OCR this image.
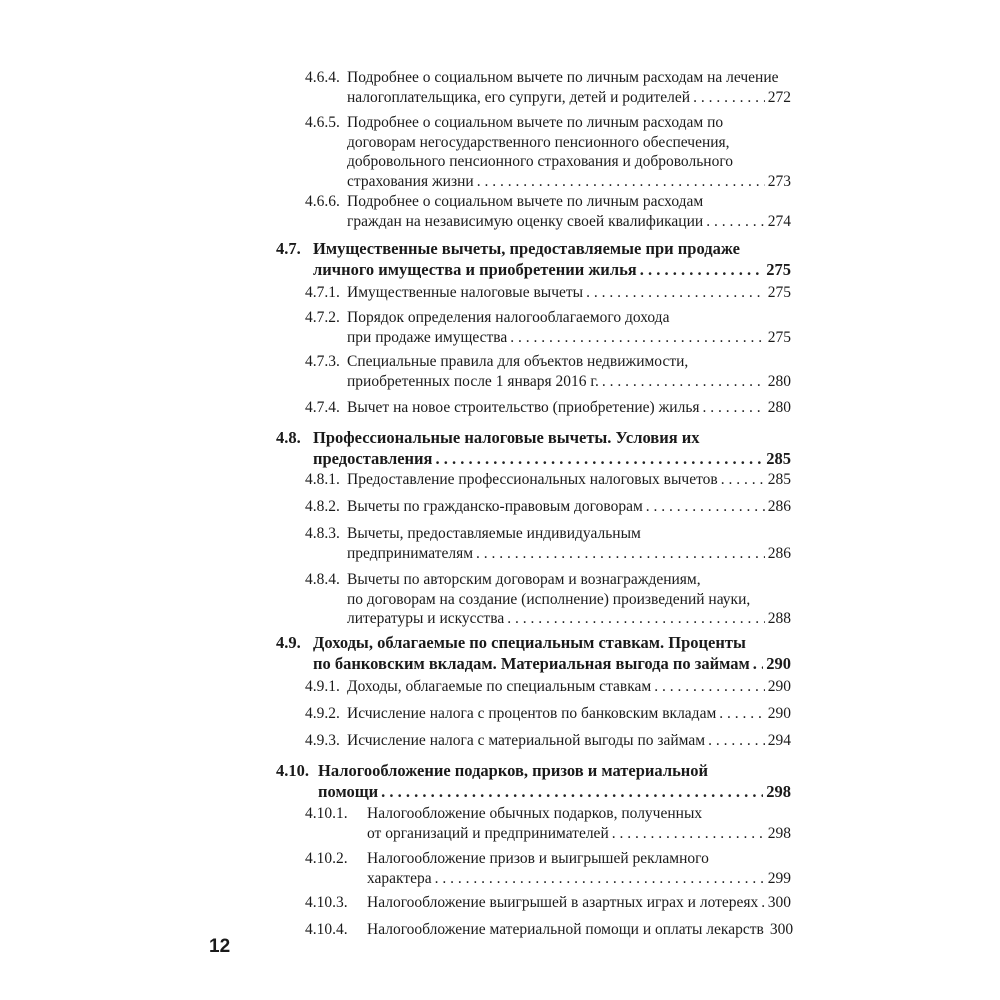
4.6.4. Подробнее о социальном вычете по личным расходам на лечение
налогоплательщика, его супруги, детей и родителей . . .	272
4.6.5. Подробнее о социальном вычете по личным расходам по
договорам негосударственного пенсионного обеспечения,
добровольного пенсионного страхования и добровольного
страхования жизни . . .	273
4.6.6. Подробнее о социальном вычете по личным расходам
граждан на независимую оценку своей квалификации . . .	274
4.7. Имущественные вычеты, предоставляемые при продаже
личного имущества и приобретении жилья . . .	275
4.7.1. Имущественные налоговые вычеты . . .	275
4.7.2. Порядок определения налогооблагаемого дохода
при продаже имущества . . .	275
4.7.3. Специальные правила для объектов недвижимости,
приобретенных после 1 января 2016 г. . . .	280
4.7.4. Вычет на новое строительство (приобретение) жилья . . .	280
4.8. Профессиональные налоговые вычеты. Условия их
предоставления . . .	285
4.8.1. Предоставление профессиональных налоговых вычетов . . .	285
4.8.2. Вычеты по гражданско-правовым договорам . . .	286
4.8.3. Вычеты, предоставляемые индивидуальным
предпринимателям . . .	286
4.8.4. Вычеты по авторским договорам и вознаграждениям,
по договорам на создание (исполнение) произведений науки,
литературы и искусства . . .	288
4.9. Доходы, облагаемые по специальным ставкам. Проценты
по банковским вкладам. Материальная выгода по займам . . . 290
4.9.1. Доходы, облагаемые по специальным ставкам . . .	290
4.9.2. Исчисление налога с процентов по банковским вкладам . . .	290
4.9.3. Исчисление налога с материальной выгоды по займам . . .	294
4.10. Налогообложение подарков, призов и материальной
помощи . . .	298
4.10.1. Налогообложение обычных подарков, полученных
от организаций и предпринимателей . . .	298
4.10.2. Налогообложение призов и выигрышей рекламного
характера . . .	299
4.10.3. Налогообложение выигрышей в азартных играх и лотереях . . . 300
4.10.4. Налогообложение материальной помощи и оплаты лекарств 300
12
